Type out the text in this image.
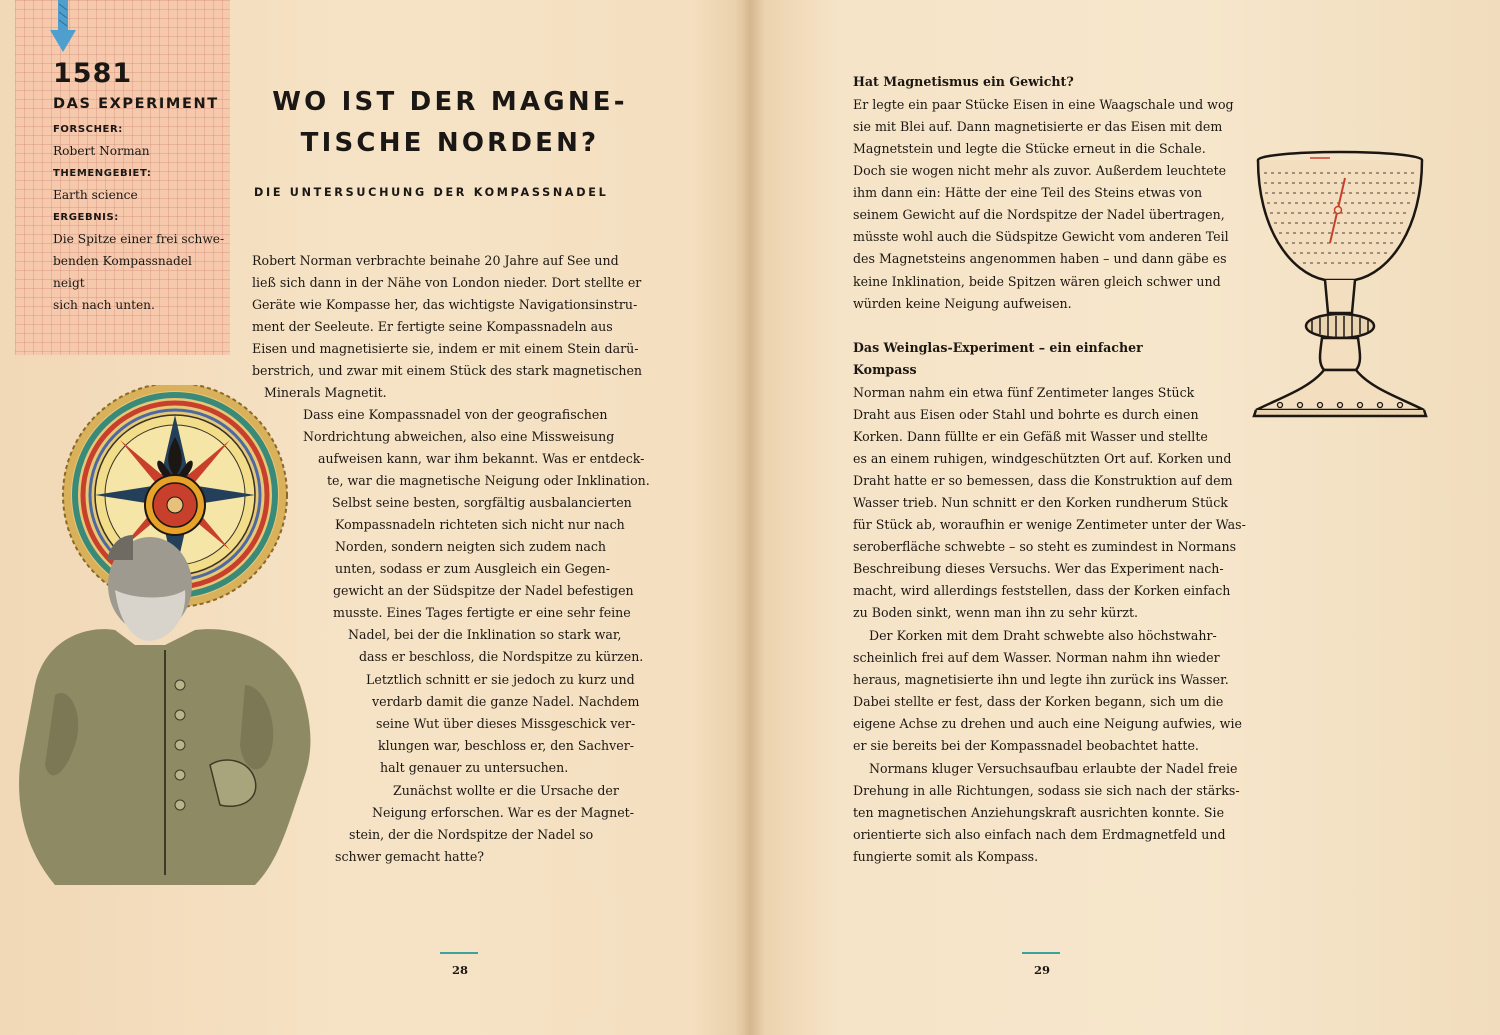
1581
DAS EXPERIMENT
FORSCHER:
Robert Norman
THEMENGEBIET:
Earth science
ERGEBNIS:
Die Spitze einer frei schwe-
benden Kompassnadel neigt
sich nach unten.
WO IST DER MAGNE-
TISCHE NORDEN?
DIE UNTERSUCHUNG DER KOMPASSNADEL
Robert Norman verbrachte beinahe 20 Jahre auf See und
ließ sich dann in der Nähe von London nieder. Dort stellte er
Geräte wie Kompasse her, das wichtigste Navigationsinstru-
ment der Seeleute. Er fertigte seine Kompassnadeln aus
Eisen und magnetisierte sie, indem er mit einem Stein darü-
berstrich, und zwar mit einem Stück des stark magnetischen
Minerals Magnetit.
Dass eine Kompassnadel von der geografischen
Nordrichtung abweichen, also eine Missweisung
aufweisen kann, war ihm bekannt. Was er entdeck-
te, war die magnetische Neigung oder Inklination.
Selbst seine besten, sorgfältig ausbalancierten
Kompassnadeln richteten sich nicht nur nach
Norden, sondern neigten sich zudem nach
unten, sodass er zum Ausgleich ein Gegen-
gewicht an der Südspitze der Nadel befestigen
musste. Eines Tages fertigte er eine sehr feine
Nadel, bei der die Inklination so stark war,
dass er beschloss, die Nordspitze zu kürzen.
Letztlich schnitt er sie jedoch zu kurz und
verdarb damit die ganze Nadel. Nachdem
seine Wut über dieses Missgeschick ver-
klungen war, beschloss er, den Sachver-
halt genauer zu untersuchen.
Zunächst wollte er die Ursache der
Neigung erforschen. War es der Magnet-
stein, der die Nordspitze der Nadel so
schwer gemacht hatte?
28
Hat Magnetismus ein Gewicht?
Er legte ein paar Stücke Eisen in eine Waagschale und wog
sie mit Blei auf. Dann magnetisierte er das Eisen mit dem
Magnetstein und legte die Stücke erneut in die Schale.
Doch sie wogen nicht mehr als zuvor. Außerdem leuchtete
ihm dann ein: Hätte der eine Teil des Steins etwas von
seinem Gewicht auf die Nordspitze der Nadel übertragen,
müsste wohl auch die Südspitze Gewicht vom anderen Teil
des Magnetsteins angenommen haben – und dann gäbe es
keine Inklination, beide Spitzen wären gleich schwer und
würden keine Neigung aufweisen.
Das Weinglas-Experiment – ein einfacher
Kompass
Norman nahm ein etwa fünf Zentimeter langes Stück
Draht aus Eisen oder Stahl und bohrte es durch einen
Korken. Dann füllte er ein Gefäß mit Wasser und stellte
es an einem ruhigen, windgeschützten Ort auf. Korken und
Draht hatte er so bemessen, dass die Konstruktion auf dem
Wasser trieb. Nun schnitt er den Korken rundherum Stück
für Stück ab, woraufhin er wenige Zentimeter unter der Was-
seroberfläche schwebte – so steht es zumindest in Normans
Beschreibung dieses Versuchs. Wer das Experiment nach-
macht, wird allerdings feststellen, dass der Korken einfach
zu Boden sinkt, wenn man ihn zu sehr kürzt.
Der Korken mit dem Draht schwebte also höchstwahr-
scheinlich frei auf dem Wasser. Norman nahm ihn wieder
heraus, magnetisierte ihn und legte ihn zurück ins Wasser.
Dabei stellte er fest, dass der Korken begann, sich um die
eigene Achse zu drehen und auch eine Neigung aufwies, wie
er sie bereits bei der Kompassnadel beobachtet hatte.
Normans kluger Versuchsaufbau erlaubte der Nadel freie
Drehung in alle Richtungen, sodass sie sich nach der stärks-
ten magnetischen Anziehungskraft ausrichten konnte. Sie
orientierte sich also einfach nach dem Erdmagnetfeld und
fungierte somit als Kompass.
29
